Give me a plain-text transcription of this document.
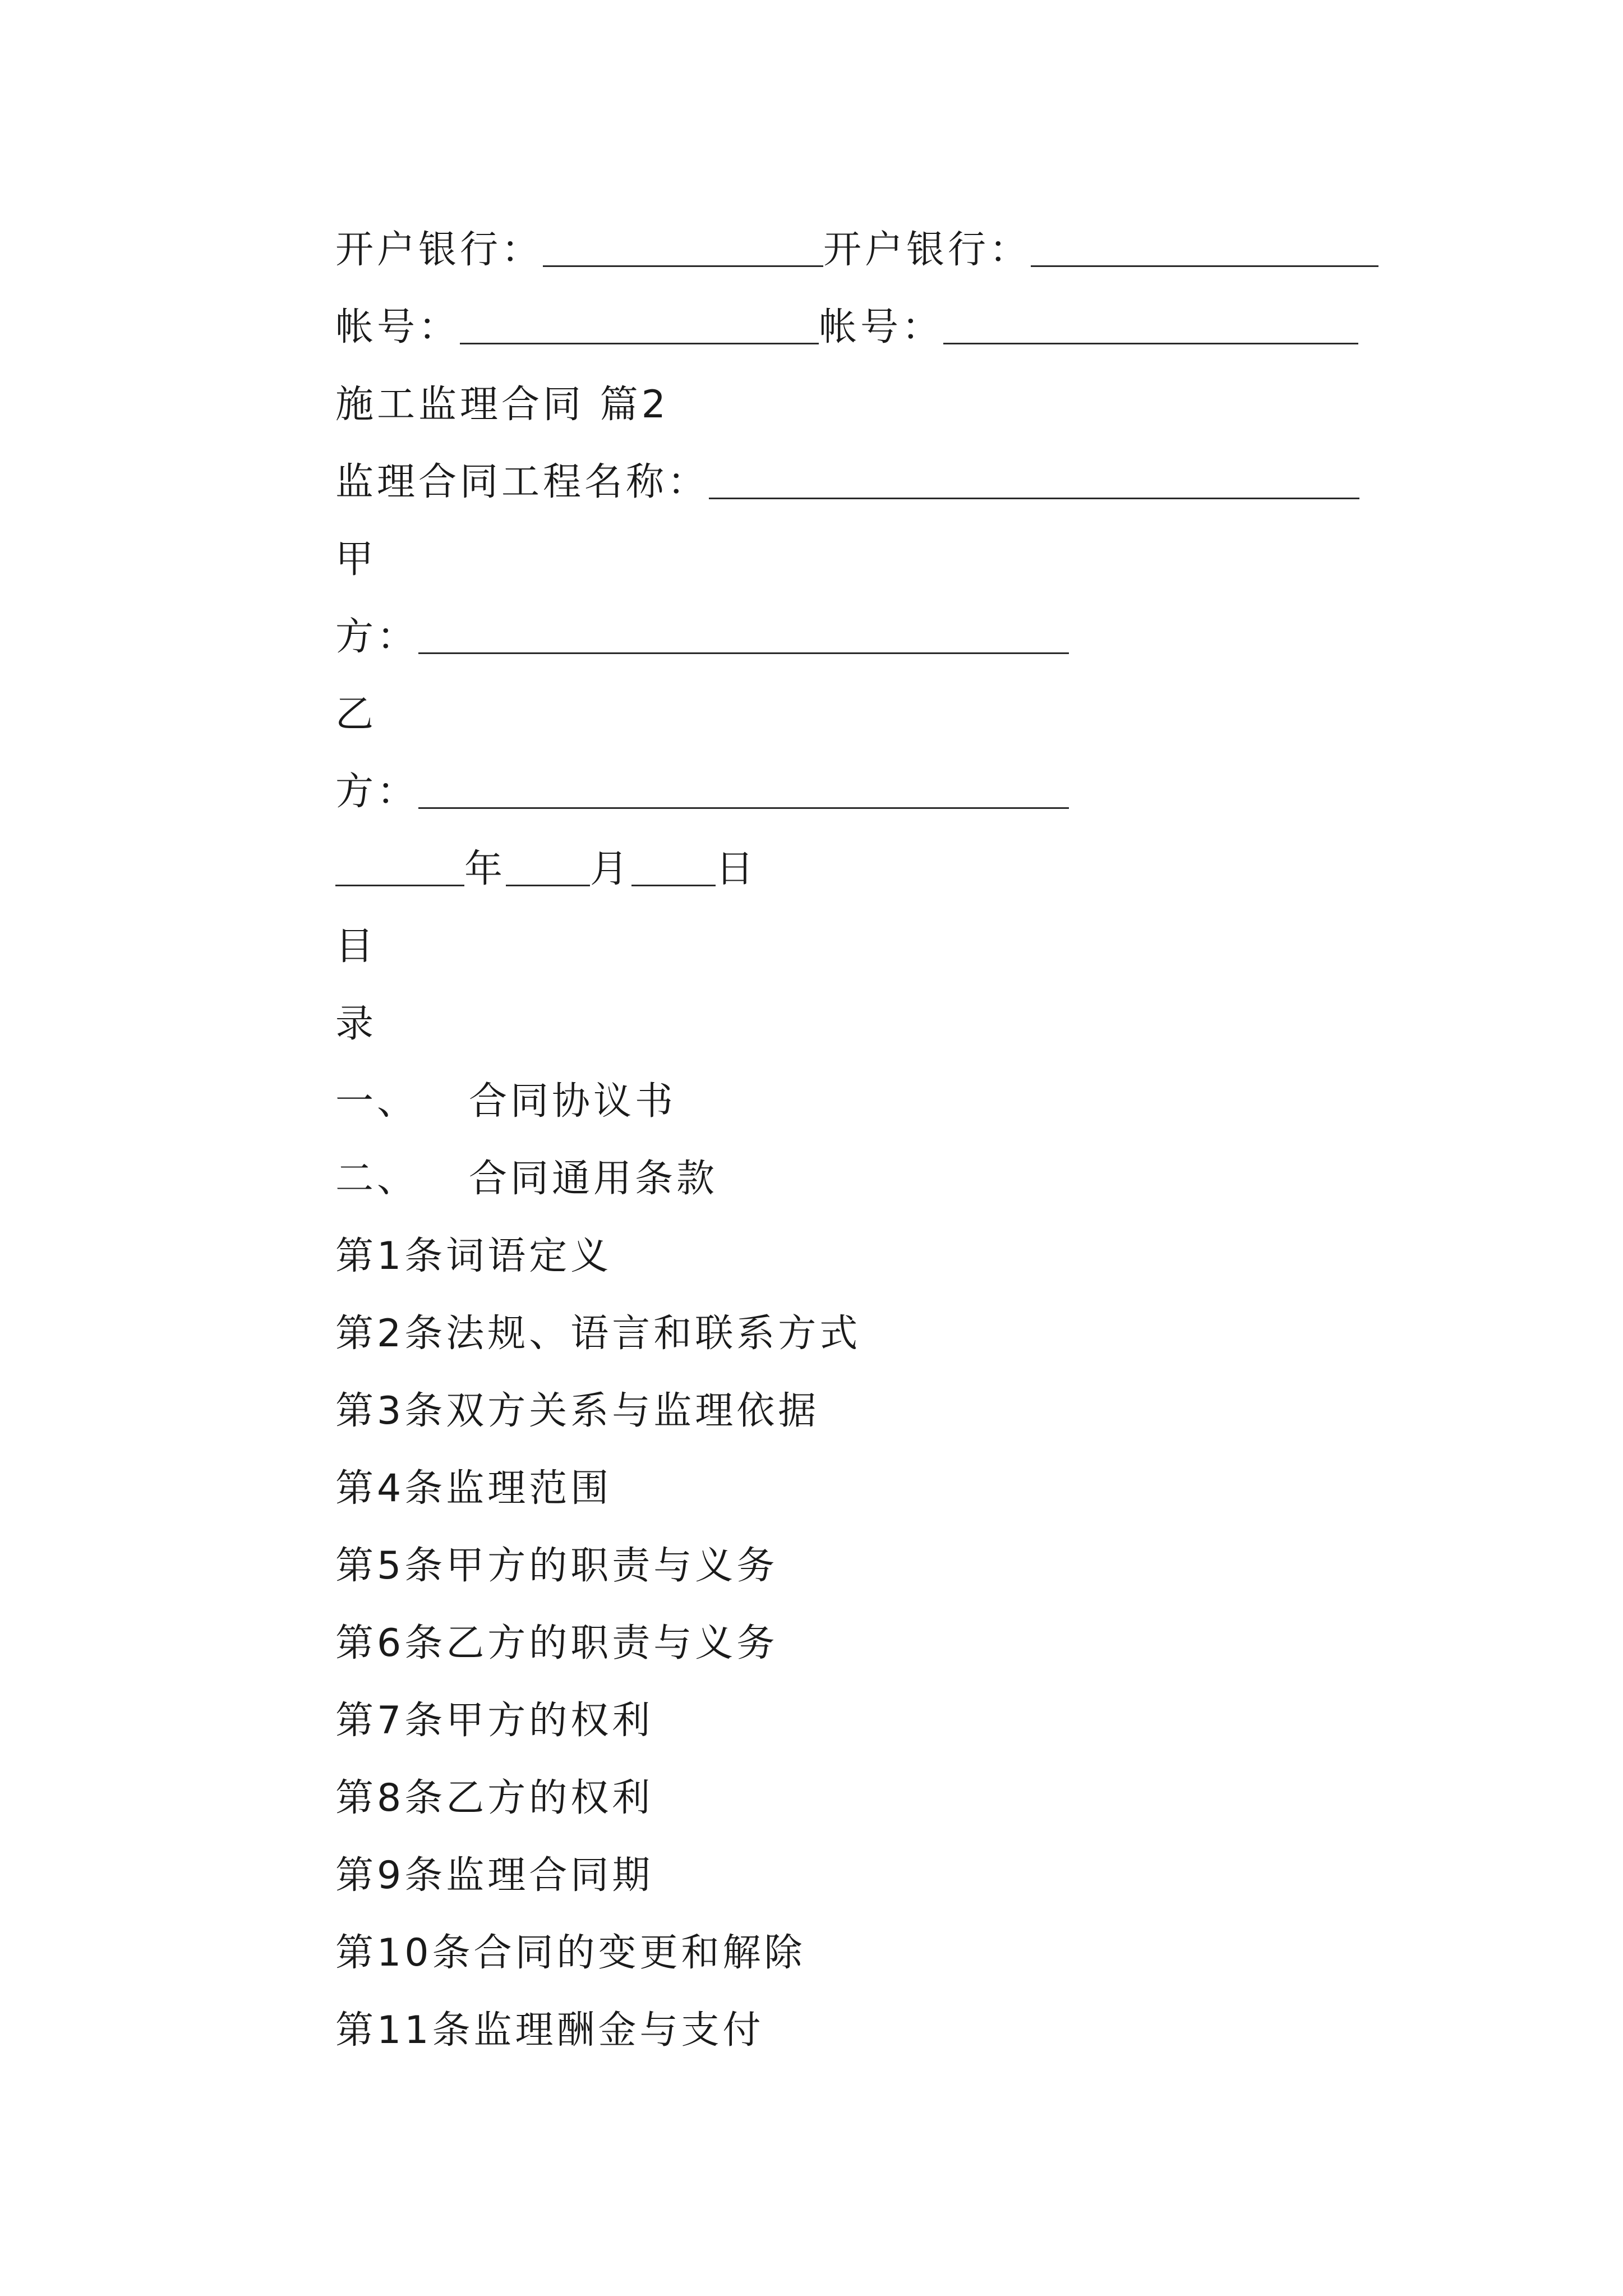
开户银行：	开户银行：
帐号：	帐号：
施工监理合同 篇2
监理合同工程名称：
甲
方：
乙
方：
年 月 日
目
录
一、 合同协议书
二、 合同通用条款
第1条词语定义
第2条法规、语言和联系方式
第3条双方关系与监理依据
第4条监理范围
第5条甲方的职责与义务
第6条乙方的职责与义务
第7条甲方的权利
第8条乙方的权利
第9条监理合同期
第10条合同的变更和解除
第11条监理酬金与支付
